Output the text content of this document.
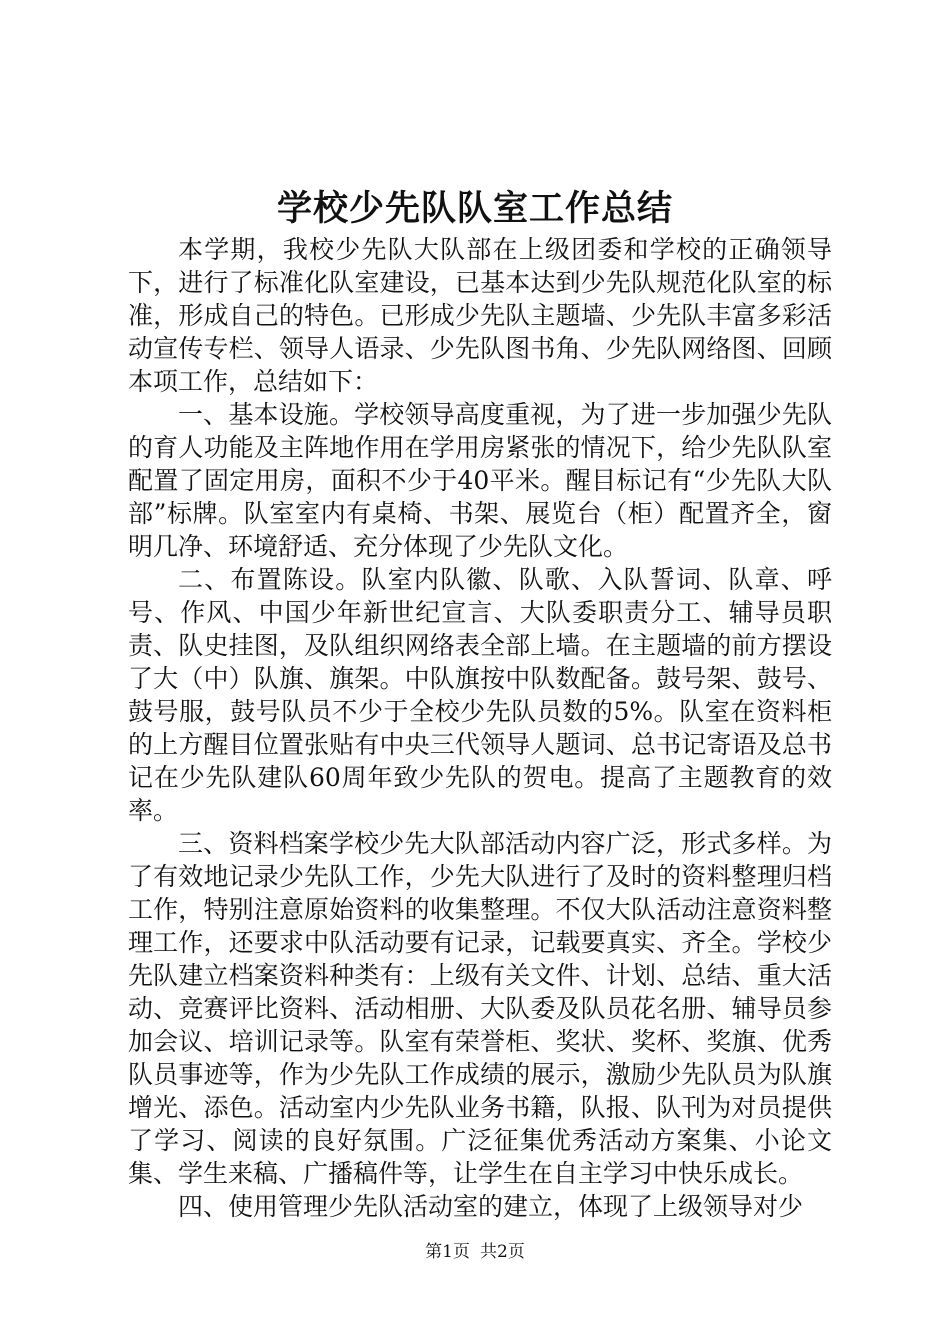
学校少先队队室工作总结

本学期，我校少先队大队部在上级团委和学校的正确领导下，进行了标准化队室建设，已基本达到少先队规范化队室的标准，形成自己的特色。已形成少先队主题墙、少先队丰富多彩活动宣传专栏、领导人语录、少先队图书角、少先队网络图、回顾本项工作，总结如下：

一、基本设施。学校领导高度重视，为了进一步加强少先队的育人功能及主阵地作用在学用房紧张的情况下，给少先队队室配置了固定用房，面积不少于40平米。醒目标记有“少先队大队部”标牌。队室室内有桌椅、书架、展览台（柜）配置齐全，窗明几净、环境舒适、充分体现了少先队文化。

二、布置陈设。队室内队徽、队歌、入队誓词、队章、呼号、作风、中国少年新世纪宣言、大队委职责分工、辅导员职责、队史挂图，及队组织网络表全部上墙。在主题墙的前方摆设了大（中）队旗、旗架。中队旗按中队数配备。鼓号架、鼓号、鼓号服，鼓号队员不少于全校少先队员数的5%。队室在资料柜的上方醒目位置张贴有中央三代领导人题词、总书记寄语及总书记在少先队建队60周年致少先队的贺电。提高了主题教育的效率。

三、资料档案学校少先大队部活动内容广泛，形式多样。为了有效地记录少先队工作，少先大队进行了及时的资料整理归档工作，特别注意原始资料的收集整理。不仅大队活动注意资料整理工作，还要求中队活动要有记录，记载要真实、齐全。学校少先队建立档案资料种类有：上级有关文件、计划、总结、重大活动、竞赛评比资料、活动相册、大队委及队员花名册、辅导员参加会议、培训记录等。队室有荣誉柜、奖状、奖杯、奖旗、优秀队员事迹等，作为少先队工作成绩的展示，激励少先队员为队旗增光、添色。活动室内少先队业务书籍，队报、队刊为对员提供了学习、阅读的良好氛围。广泛征集优秀活动方案集、小论文集、学生来稿、广播稿件等，让学生在自主学习中快乐成长。

四、使用管理少先队活动室的建立，体现了上级领导对少

第1页 共2页
